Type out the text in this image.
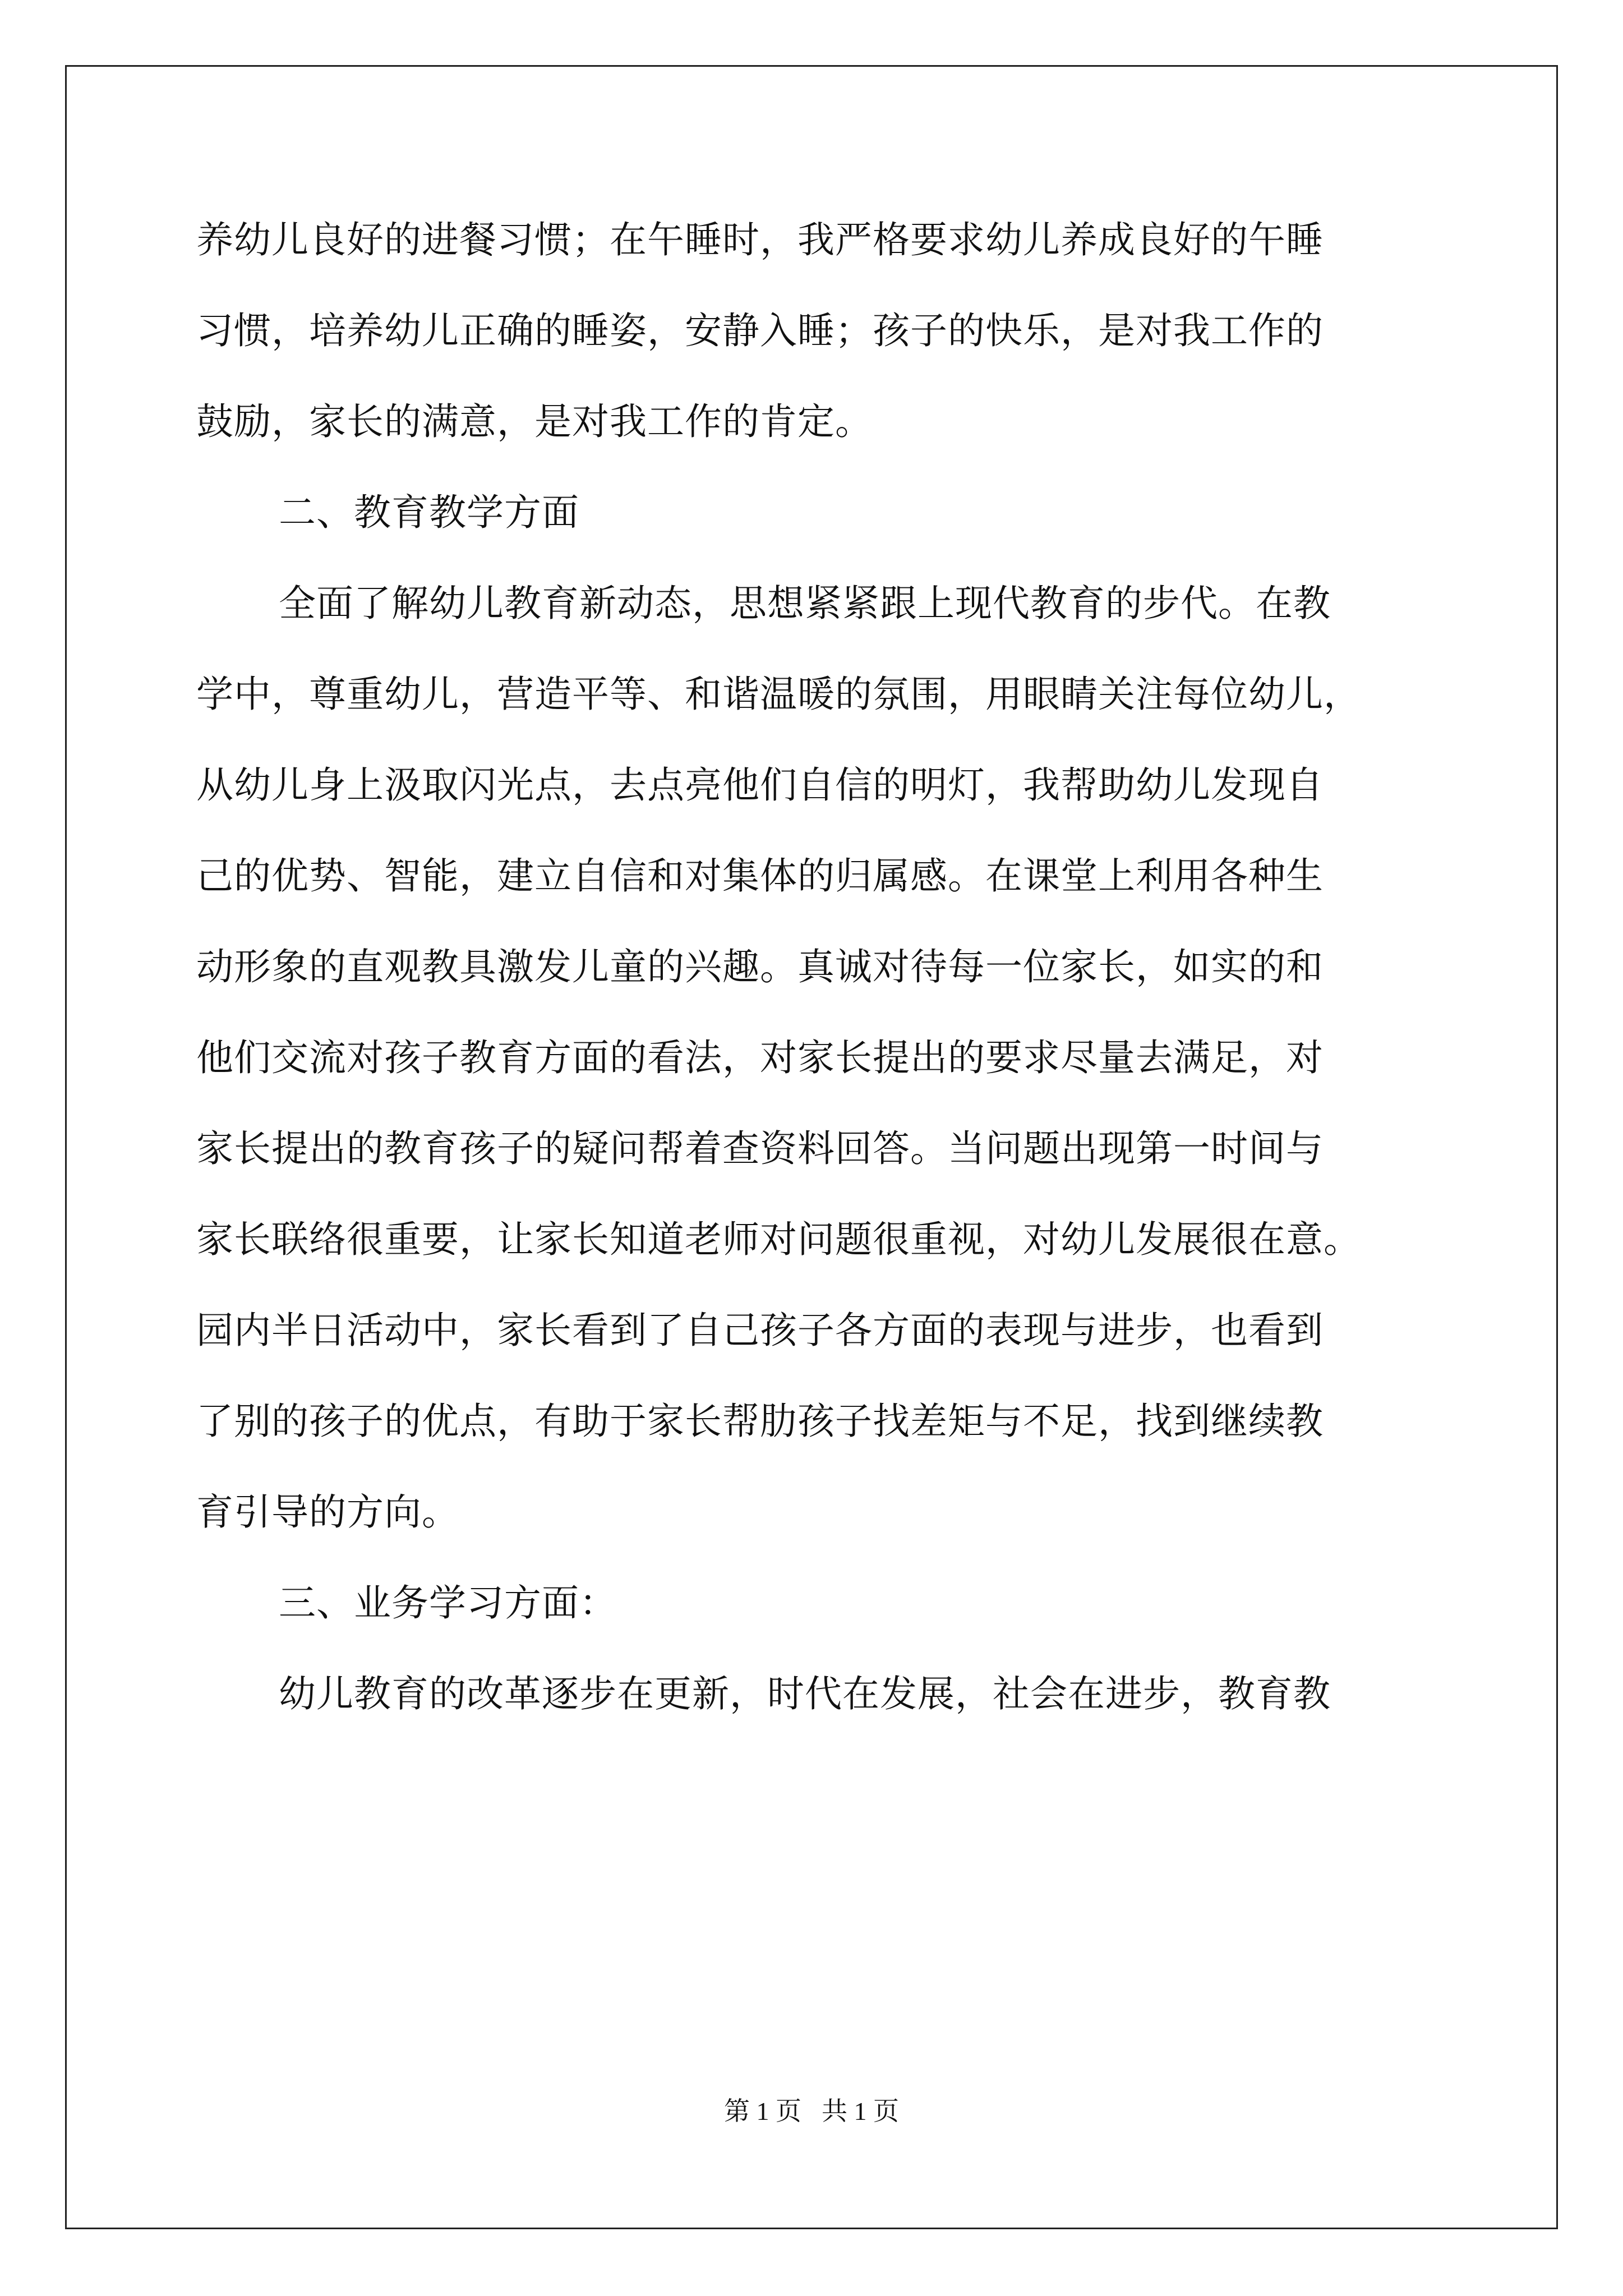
养幼儿良好的进餐习惯；在午睡时，我严格要求幼儿养成良好的午睡
习惯，培养幼儿正确的睡姿，安静入睡；孩子的快乐，是对我工作的
鼓励，家长的满意，是对我工作的肯定。
二、教育教学方面
全面了解幼儿教育新动态，思想紧紧跟上现代教育的步代。在教
学中，尊重幼儿，营造平等、和谐温暖的氛围，用眼睛关注每位幼儿，
从幼儿身上汲取闪光点，去点亮他们自信的明灯，我帮助幼儿发现自
己的优势、智能，建立自信和对集体的归属感。在课堂上利用各种生
动形象的直观教具激发儿童的兴趣。真诚对待每一位家长，如实的和
他们交流对孩子教育方面的看法，对家长提出的要求尽量去满足，对
家长提出的教育孩子的疑问帮着查资料回答。当问题出现第一时间与
家长联络很重要，让家长知道老师对问题很重视，对幼儿发展很在意。
园内半日活动中，家长看到了自己孩子各方面的表现与进步，也看到
了别的孩子的优点，有助于家长帮肋孩子找差矩与不足，找到继续教
育引导的方向。
三、业务学习方面：
幼儿教育的改革逐步在更新，时代在发展，社会在进步，教育教
第 1 页 共 1 页
